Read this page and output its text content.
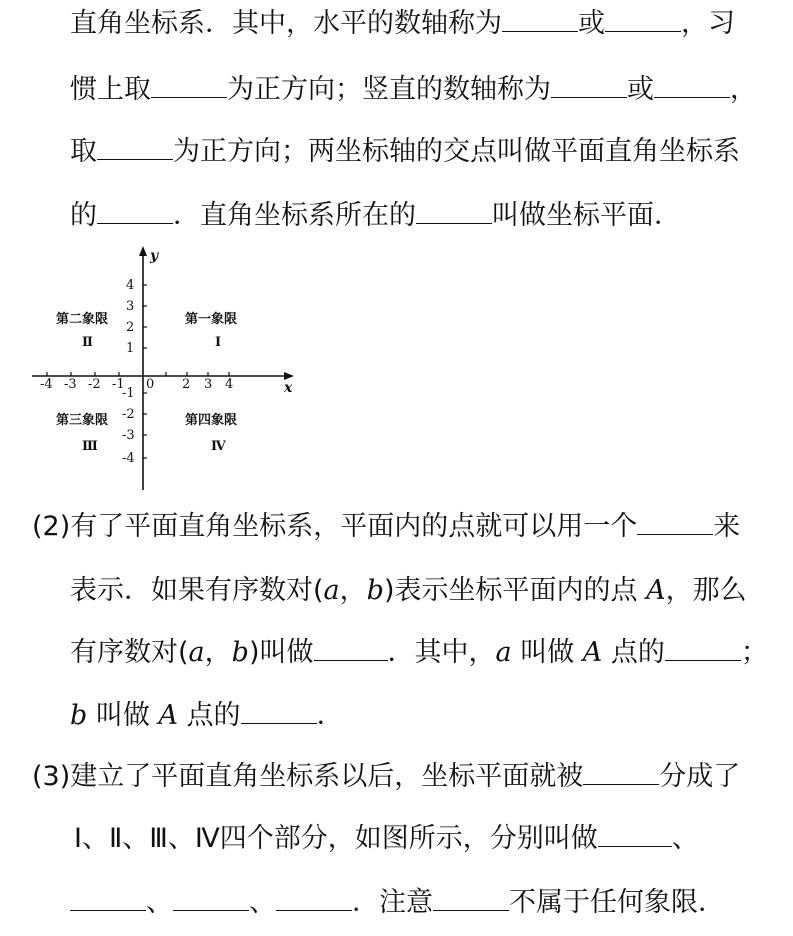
直角坐标系．其中，水平的数轴称为	或	，习
惯上取	为正方向；竖直的数轴称为	或	，
取	为正方向；两坐标轴的交点叫做平面直角坐标系
的	．直角坐标系所在的	叫做坐标平面．
y
x
0
-4 -3 -2 -1	2 3 4
4
3
2
1
-1
-2
-3
-4
第二象限
Ⅱ
第一象限
Ⅰ
第三象限
Ⅲ
第四象限
Ⅳ
(2)有了平面直角坐标系，平面内的点就可以用一个	来
表示．如果有序数对(a，b)表示坐标平面内的点 A，那么
有序数对(a，b)叫做	．其中，a 叫做 A 点的	；
b 叫做 A 点的	．
(3)建立了平面直角坐标系以后，坐标平面就被	分成了
Ⅰ、Ⅱ、Ⅲ、Ⅳ四个部分，如图所示，分别叫做	、
、	、	．注意	不属于任何象限．
